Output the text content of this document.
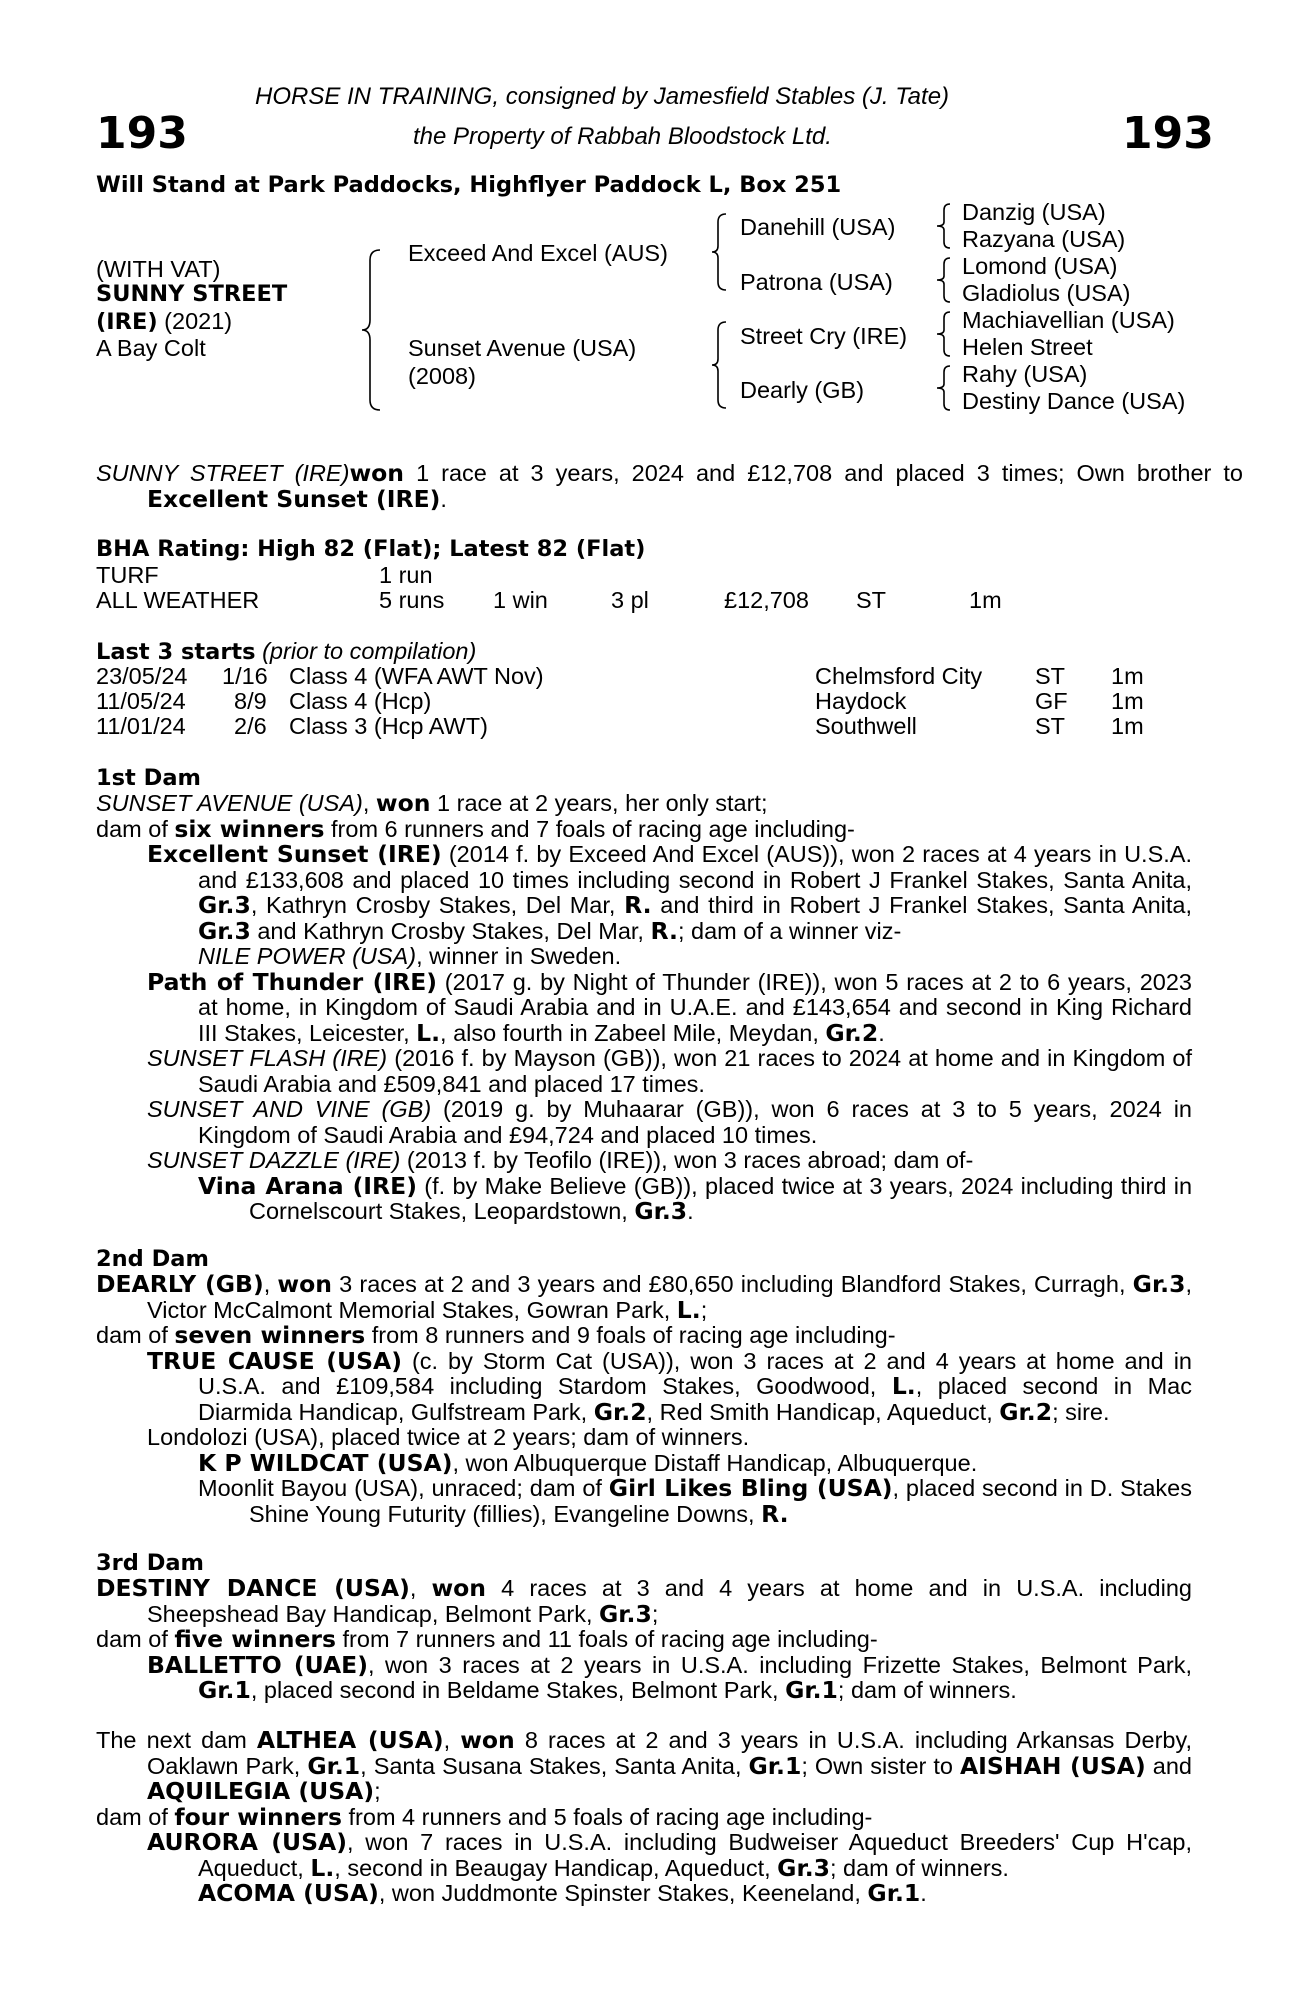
193	193
HORSE IN TRAINING, consigned by Jamesfield Stables (J. Tate)
the Property of Rabbah Bloodstock Ltd.
Will Stand at Park Paddocks, Highflyer Paddock L, Box 251
(WITH VAT)
SUNNY STREET
(IRE) (2021)
A Bay Colt
Exceed And Excel (AUS)
Sunset Avenue (USA)
(2008)
Danehill (USA)
Patrona (USA)
Street Cry (IRE)
Dearly (GB)
Danzig (USA)
Razyana (USA)
Lomond (USA)
Gladiolus (USA)
Machiavellian (USA)
Helen Street
Rahy (USA)
Destiny Dance (USA)
SUNNY STREET (IRE)won 1 race at 3 years, 2024 and £12,708 and placed 3 times; Own brother to Excellent Sunset (IRE).
BHA Rating: High 82 (Flat); Latest 82 (Flat)
TURF	1 run
ALL WEATHER	5 runs 1 win	3 pl	£12,708 ST	1m
Last 3 starts (prior to compilation)
23/05/24 1/16 Class 4 (WFA AWT Nov)	Chelmsford City ST 1m
11/05/24 8/9 Class 4 (Hcp)	Haydock	GF 1m
11/01/24 2/6 Class 3 (Hcp AWT)	Southwell	ST 1m
1st Dam

SUNSET AVENUE (USA), won 1 race at 2 years, her only start;

dam of six winners from 6 runners and 7 foals of racing age including-

Excellent Sunset (IRE) (2014 f. by Exceed And Excel (AUS)), won 2 races at 4 years in U.S.A. and £133,608 and placed 10 times including second in Robert J Frankel Stakes, Santa Anita, Gr.3, Kathryn Crosby Stakes, Del Mar, R. and third in Robert J Frankel Stakes, Santa Anita, Gr.3 and Kathryn Crosby Stakes, Del Mar, R.; dam of a winner viz-

NILE POWER (USA), winner in Sweden.

Path of Thunder (IRE) (2017 g. by Night of Thunder (IRE)), won 5 races at 2 to 6 years, 2023 at home, in Kingdom of Saudi Arabia and in U.A.E. and £143,654 and second in King Richard III Stakes, Leicester, L., also fourth in Zabeel Mile, Meydan, Gr.2.

SUNSET FLASH (IRE) (2016 f. by Mayson (GB)), won 21 races to 2024 at home and in Kingdom of Saudi Arabia and £509,841 and placed 17 times.

SUNSET AND VINE (GB) (2019 g. by Muhaarar (GB)), won 6 races at 3 to 5 years, 2024 in Kingdom of Saudi Arabia and £94,724 and placed 10 times.

SUNSET DAZZLE (IRE) (2013 f. by Teofilo (IRE)), won 3 races abroad; dam of-

Vina Arana (IRE) (f. by Make Believe (GB)), placed twice at 3 years, 2024 including third in Cornelscourt Stakes, Leopardstown, Gr.3.

2nd Dam

DEARLY (GB), won 3 races at 2 and 3 years and £80,650 including Blandford Stakes, Curragh, Gr.3, Victor McCalmont Memorial Stakes, Gowran Park, L.;

dam of seven winners from 8 runners and 9 foals of racing age including-

TRUE CAUSE (USA) (c. by Storm Cat (USA)), won 3 races at 2 and 4 years at home and in U.S.A. and £109,584 including Stardom Stakes, Goodwood, L., placed second in Mac Diarmida Handicap, Gulfstream Park, Gr.2, Red Smith Handicap, Aqueduct, Gr.2; sire.

Londolozi (USA), placed twice at 2 years; dam of winners.

K P WILDCAT (USA), won Albuquerque Distaff Handicap, Albuquerque.

Moonlit Bayou (USA), unraced; dam of Girl Likes Bling (USA), placed second in D. Stakes Shine Young Futurity (fillies), Evangeline Downs, R.

3rd Dam

DESTINY DANCE (USA), won 4 races at 3 and 4 years at home and in U.S.A. including Sheepshead Bay Handicap, Belmont Park, Gr.3;

dam of five winners from 7 runners and 11 foals of racing age including-

BALLETTO (UAE), won 3 races at 2 years in U.S.A. including Frizette Stakes, Belmont Park, Gr.1, placed second in Beldame Stakes, Belmont Park, Gr.1; dam of winners.

The next dam ALTHEA (USA), won 8 races at 2 and 3 years in U.S.A. including Arkansas Derby, Oaklawn Park, Gr.1, Santa Susana Stakes, Santa Anita, Gr.1; Own sister to AISHAH (USA) and AQUILEGIA (USA);

dam of four winners from 4 runners and 5 foals of racing age including-

AURORA (USA), won 7 races in U.S.A. including Budweiser Aqueduct Breeders' Cup H'cap, Aqueduct, L., second in Beaugay Handicap, Aqueduct, Gr.3; dam of winners.

ACOMA (USA), won Juddmonte Spinster Stakes, Keeneland, Gr.1.
